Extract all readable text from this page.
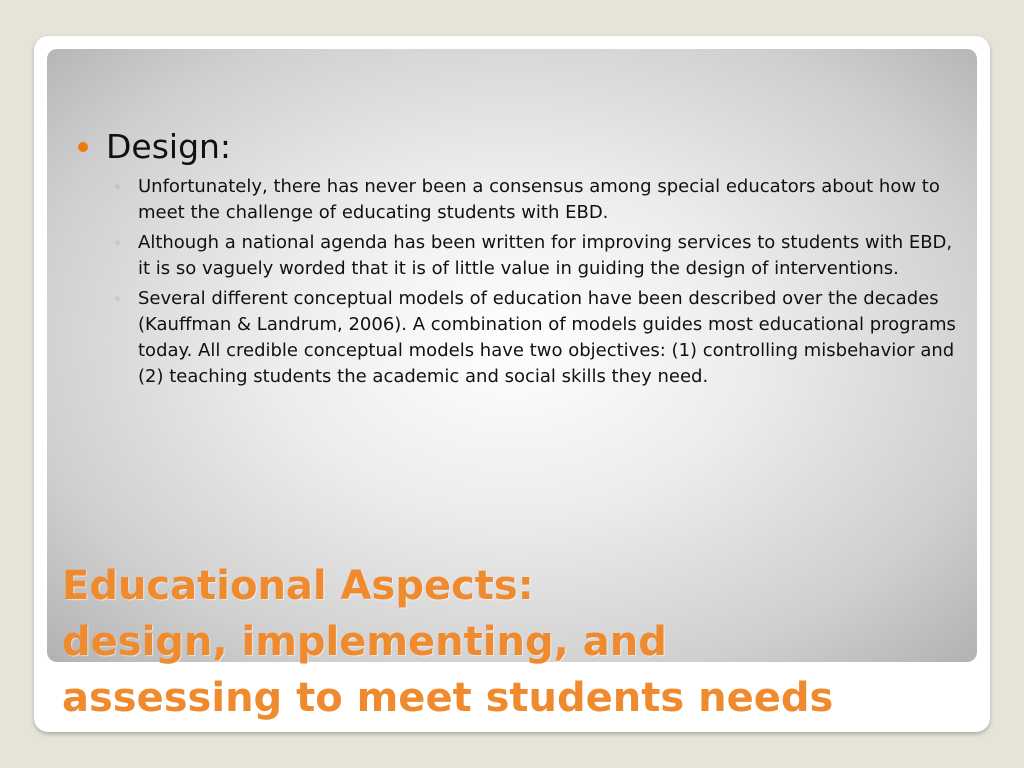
Design:
◦ Unfortunately, there has never been a consensus among special educators about how to meet the challenge of educating students with EBD.
◦ Although a national agenda has been written for improving services to students with EBD, it is so vaguely worded that it is of little value in guiding the design of interventions.
◦ Several different conceptual models of education have been described over the decades (Kauffman & Landrum, 2006). A combination of models guides most educational programs today. All credible conceptual models have two objectives: (1) controlling misbehavior and (2) teaching students the academic and social skills they need.
Educational Aspects:
design, implementing, and
assessing to meet students needs
